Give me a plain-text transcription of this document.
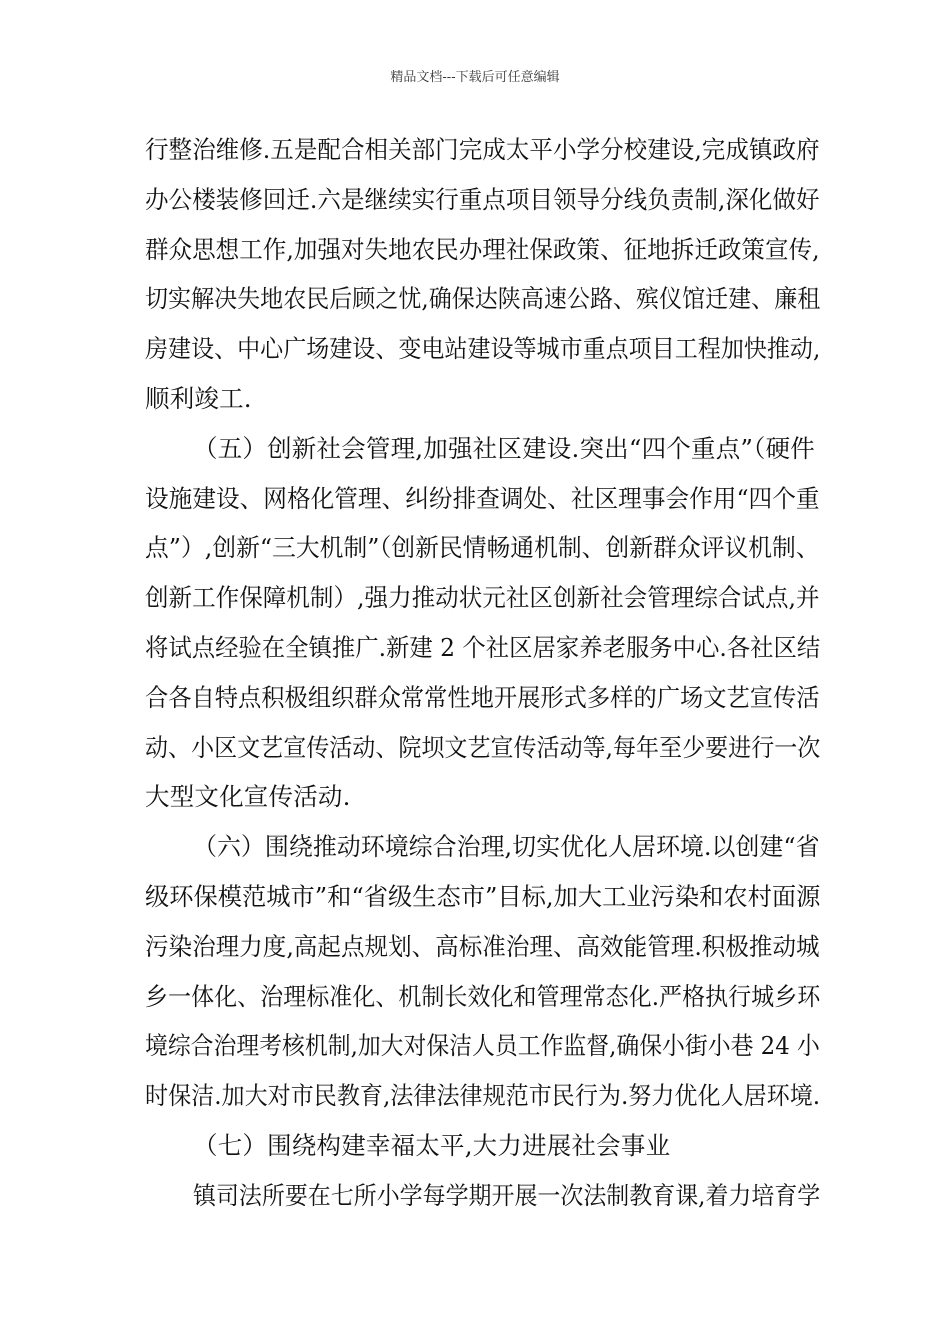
精品文档---下载后可任意编辑
行整治维修.五是配合相关部门完成太平小学分校建设,完成镇政府
办公楼装修回迁.六是继续实行重点项目领导分线负责制,深化做好
群众思想工作,加强对失地农民办理社保政策、征地拆迁政策宣传,
切实解决失地农民后顾之忧,确保达陕高速公路、殡仪馆迁建、廉租
房建设、中心广场建设、变电站建设等城市重点项目工程加快推动,
顺利竣工.
（五）创新社会管理,加强社区建设.突出“四个重点”（硬件
设施建设、网格化管理、纠纷排查调处、社区理事会作用“四个重
点”）,创新“三大机制”（创新民情畅通机制、创新群众评议机制、
创新工作保障机制）,强力推动状元社区创新社会管理综合试点,并
将试点经验在全镇推广.新建 2 个社区居家养老服务中心.各社区结
合各自特点积极组织群众常常性地开展形式多样的广场文艺宣传活
动、小区文艺宣传活动、院坝文艺宣传活动等,每年至少要进行一次
大型文化宣传活动.
（六）围绕推动环境综合治理,切实优化人居环境.以创建“省
级环保模范城市”和“省级生态市”目标,加大工业污染和农村面源
污染治理力度,高起点规划、高标准治理、高效能管理.积极推动城
乡一体化、治理标准化、机制长效化和管理常态化.严格执行城乡环
境综合治理考核机制,加大对保洁人员工作监督,确保小街小巷 24 小
时保洁.加大对市民教育,法律法律规范市民行为.努力优化人居环境.
（七）围绕构建幸福太平,大力进展社会事业
镇司法所要在七所小学每学期开展一次法制教育课,着力培育学
